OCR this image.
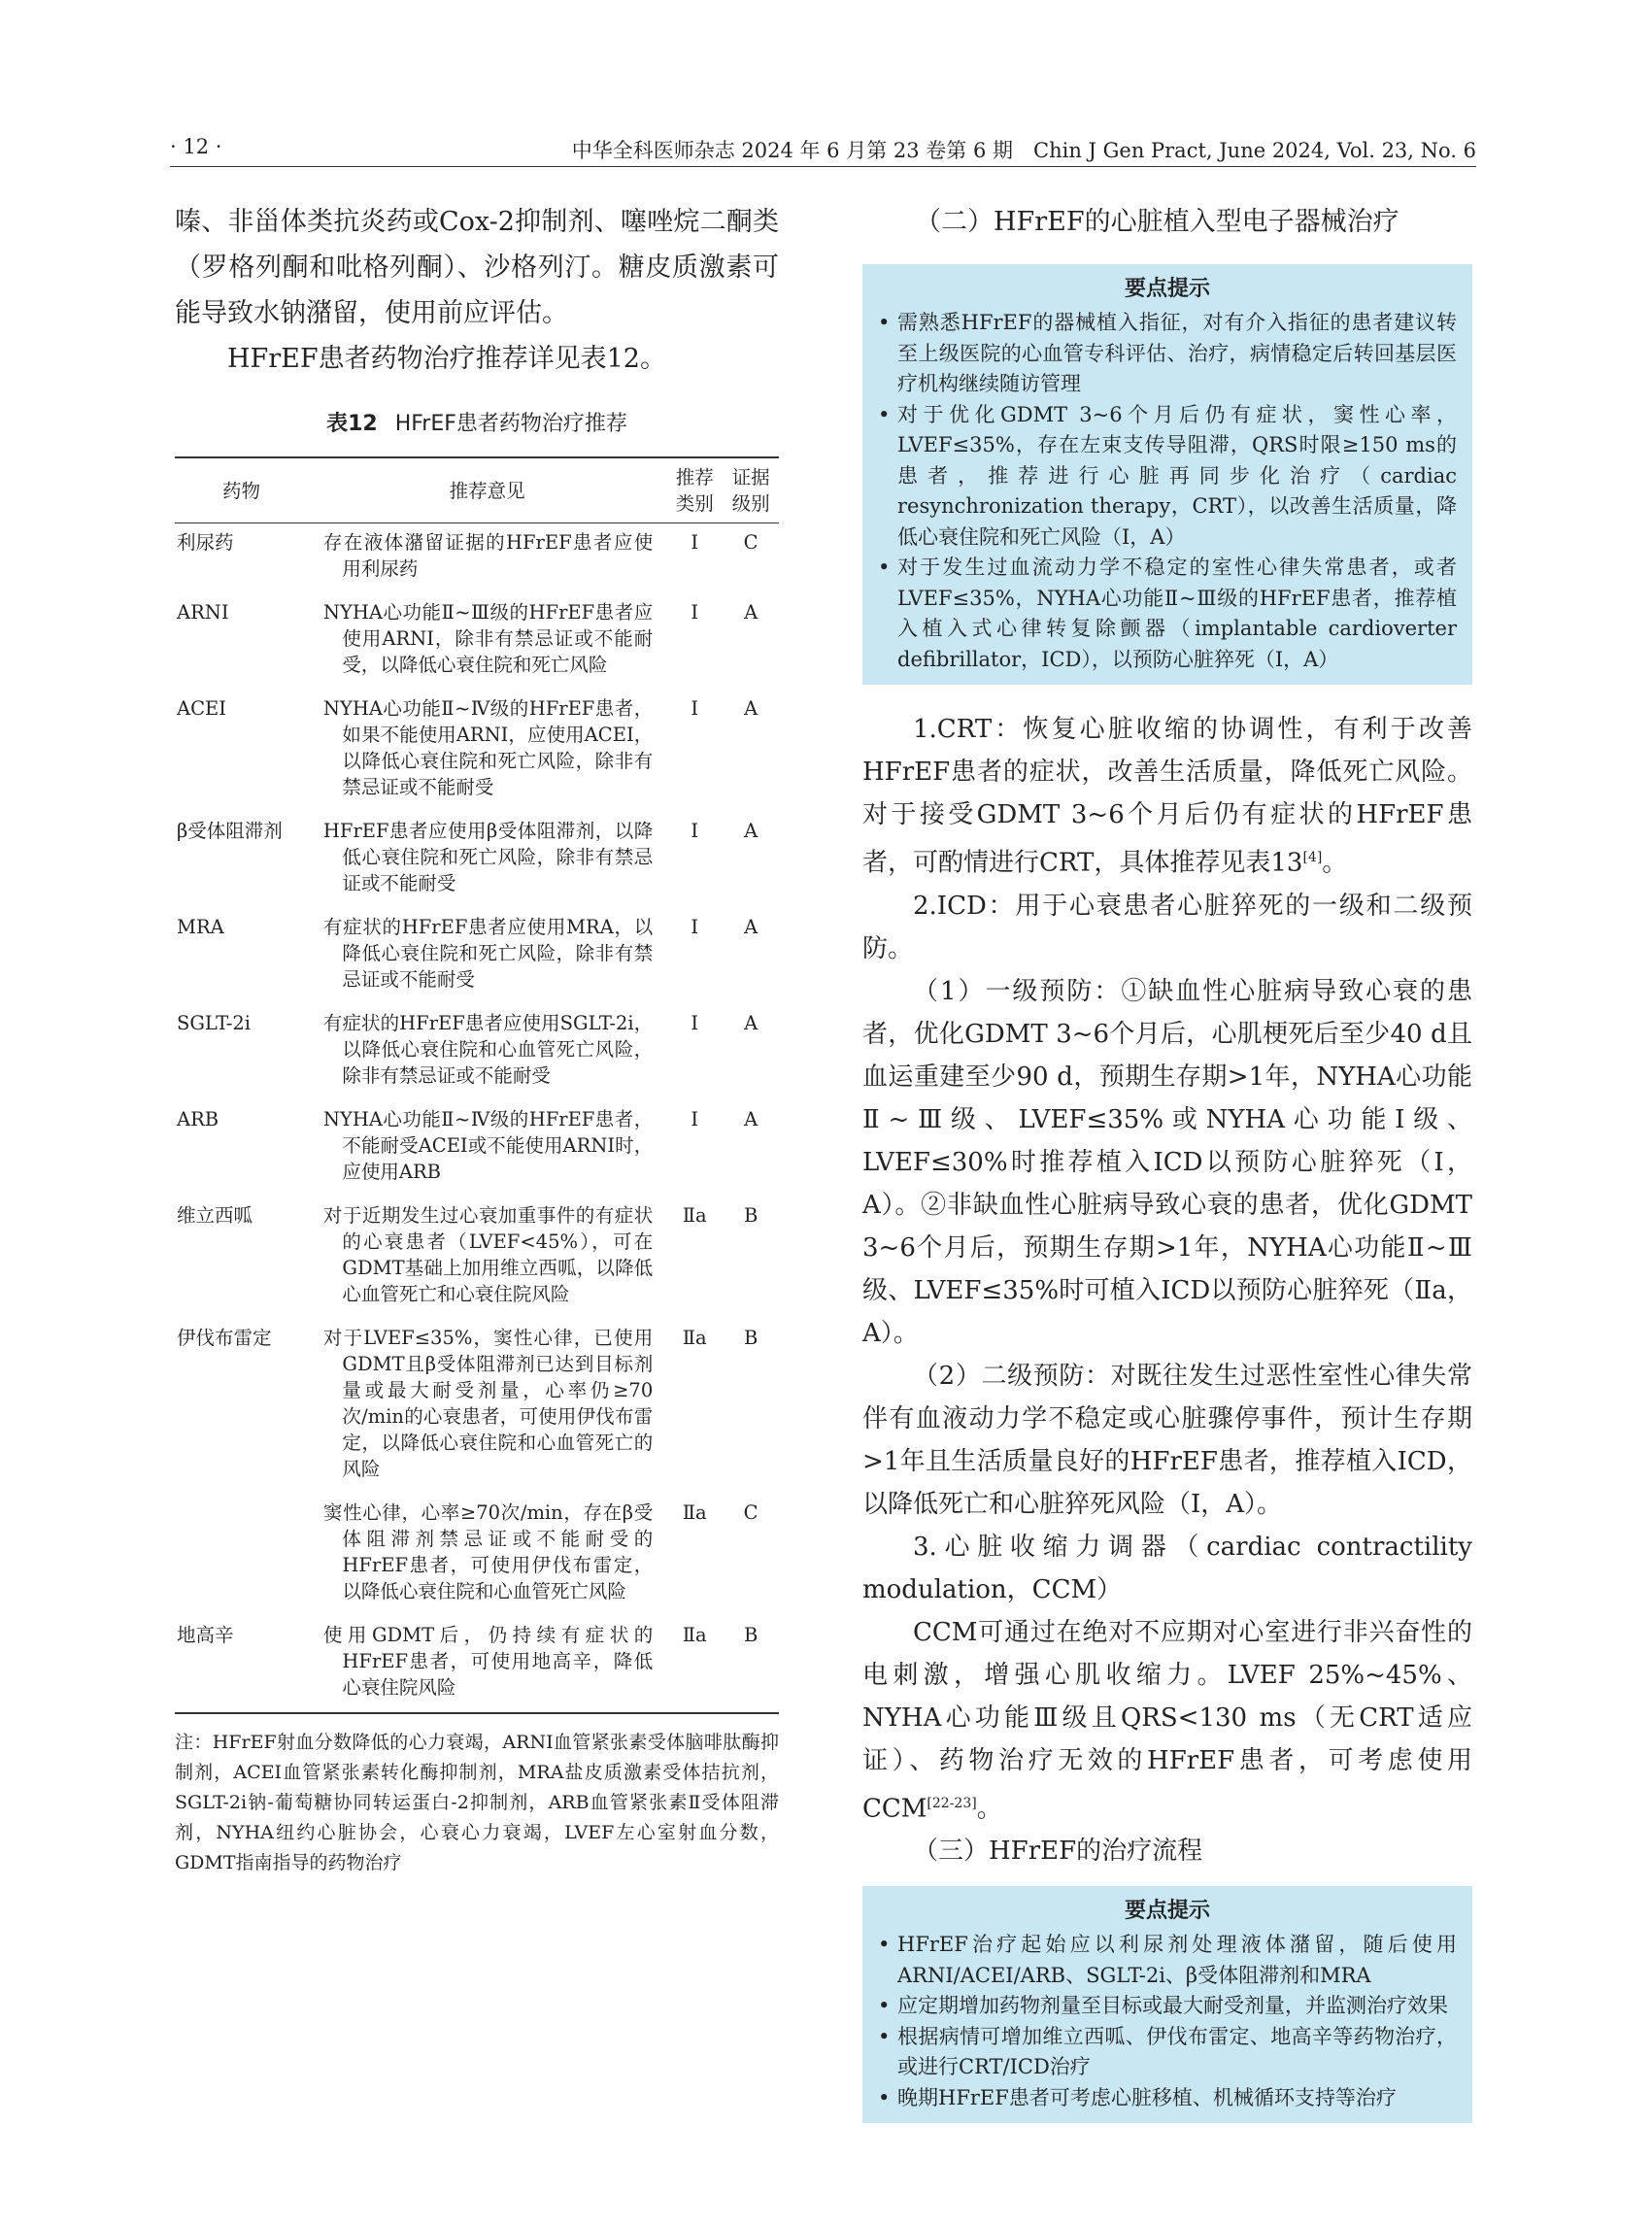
· 12 ·	中华全科医师杂志 2024 年 6 月第 23 卷第 6 期　Chin J Gen Pract, June 2024, Vol. 23, No. 6

嗪、非甾体类抗炎药或Cox-2抑制剂、噻唑烷二酮类（罗格列酮和吡格列酮）、沙格列汀。糖皮质激素可能导致水钠潴留，使用前应评估。

HFrEF患者药物治疗推荐详见表12。

表12 HFrEF患者药物治疗推荐
药物	推荐意见	推荐类别	证据级别
利尿药	存在液体潴留证据的HFrEF患者应使用利尿药	Ⅰ	C
ARNI	NYHA心功能Ⅱ~Ⅲ级的HFrEF患者应使用ARNI，除非有禁忌证或不能耐受，以降低心衰住院和死亡风险	Ⅰ	A
ACEI	NYHA心功能Ⅱ~Ⅳ级的HFrEF患者，如果不能使用ARNI，应使用ACEI，以降低心衰住院和死亡风险，除非有禁忌证或不能耐受	Ⅰ	A
β受体阻滞剂	HFrEF患者应使用β受体阻滞剂，以降低心衰住院和死亡风险，除非有禁忌证或不能耐受	Ⅰ	A
MRA	有症状的HFrEF患者应使用MRA，以降低心衰住院和死亡风险，除非有禁忌证或不能耐受	Ⅰ	A
SGLT-2i	有症状的HFrEF患者应使用SGLT-2i，以降低心衰住院和心血管死亡风险，除非有禁忌证或不能耐受	Ⅰ	A
ARB	NYHA心功能Ⅱ~Ⅳ级的HFrEF患者，不能耐受ACEI或不能使用ARNI时，应使用ARB	Ⅰ	A
维立西呱	对于近期发生过心衰加重事件的有症状的心衰患者（LVEF<45%），可在GDMT基础上加用维立西呱，以降低心血管死亡和心衰住院风险	Ⅱa	B
伊伐布雷定	对于LVEF≤35%，窦性心律，已使用GDMT且β受体阻滞剂已达到目标剂量或最大耐受剂量，心率仍≥70次/min的心衰患者，可使用伊伐布雷定，以降低心衰住院和心血管死亡的风险	Ⅱa	B

	窦性心律，心率≥70次/min，存在β受体阻滞剂禁忌证或不能耐受的HFrEF患者，可使用伊伐布雷定，以降低心衰住院和心血管死亡风险	Ⅱa	C
地高辛	使用GDMT后，仍持续有症状的HFrEF患者，可使用地高辛，降低心衰住院风险	Ⅱa	B
注：HFrEF射血分数降低的心力衰竭，ARNI血管紧张素受体脑啡肽酶抑制剂，ACEI血管紧张素转化酶抑制剂，MRA盐皮质激素受体拮抗剂，SGLT-2i钠-葡萄糖协同转运蛋白-2抑制剂，ARB血管紧张素Ⅱ受体阻滞剂，NYHA纽约心脏协会，心衰心力衰竭，LVEF左心室射血分数，GDMT指南指导的药物治疗

（二）HFrEF的心脏植入型电子器械治疗

要点提示
• 需熟悉HFrEF的器械植入指征，对有介入指征的患者建议转至上级医院的心血管专科评估、治疗，病情稳定后转回基层医疗机构继续随访管理
• 对于优化GDMT 3~6个月后仍有症状，窦性心率，LVEF≤35%，存在左束支传导阻滞，QRS时限≥150 ms的患者，推荐进行心脏再同步化治疗（cardiac resynchronization therapy，CRT），以改善生活质量，降低心衰住院和死亡风险（Ⅰ，A）
• 对于发生过血流动力学不稳定的室性心律失常患者，或者LVEF≤35%，NYHA心功能Ⅱ~Ⅲ级的HFrEF患者，推荐植入植入式心律转复除颤器（implantable cardioverter defibrillator，ICD），以预防心脏猝死（Ⅰ，A）

1.CRT：恢复心脏收缩的协调性，有利于改善HFrEF患者的症状，改善生活质量，降低死亡风险。对于接受GDMT 3~6个月后仍有症状的HFrEF患者，可酌情进行CRT，具体推荐见表13[4]。

2.ICD：用于心衰患者心脏猝死的一级和二级预防。

（1）一级预防：①缺血性心脏病导致心衰的患者，优化GDMT 3~6个月后，心肌梗死后至少40 d且血运重建至少90 d，预期生存期>1年，NYHA心功能Ⅱ~Ⅲ级、LVEF≤35%或NYHA心功能Ⅰ级、LVEF≤30%时推荐植入ICD以预防心脏猝死（Ⅰ，A）。②非缺血性心脏病导致心衰的患者，优化GDMT 3~6个月后，预期生存期>1年，NYHA心功能Ⅱ~Ⅲ级、LVEF≤35%时可植入ICD以预防心脏猝死（Ⅱa，A）。

（2）二级预防：对既往发生过恶性室性心律失常伴有血液动力学不稳定或心脏骤停事件，预计生存期>1年且生活质量良好的HFrEF患者，推荐植入ICD，以降低死亡和心脏猝死风险（Ⅰ，A）。

3.心脏收缩力调器（cardiac contractility modulation，CCM）

CCM可通过在绝对不应期对心室进行非兴奋性的电刺激，增强心肌收缩力。LVEF 25%~45%、NYHA心功能Ⅲ级且QRS<130 ms（无CRT适应证）、药物治疗无效的HFrEF患者，可考虑使用CCM[22-23]。

（三）HFrEF的治疗流程

要点提示
• HFrEF治疗起始应以利尿剂处理液体潴留，随后使用ARNI/ACEI/ARB、SGLT-2i、β受体阻滞剂和MRA
• 应定期增加药物剂量至目标或最大耐受剂量，并监测治疗效果
• 根据病情可增加维立西呱、伊伐布雷定、地高辛等药物治疗，或进行CRT/ICD治疗
• 晚期HFrEF患者可考虑心脏移植、机械循环支持等治疗
